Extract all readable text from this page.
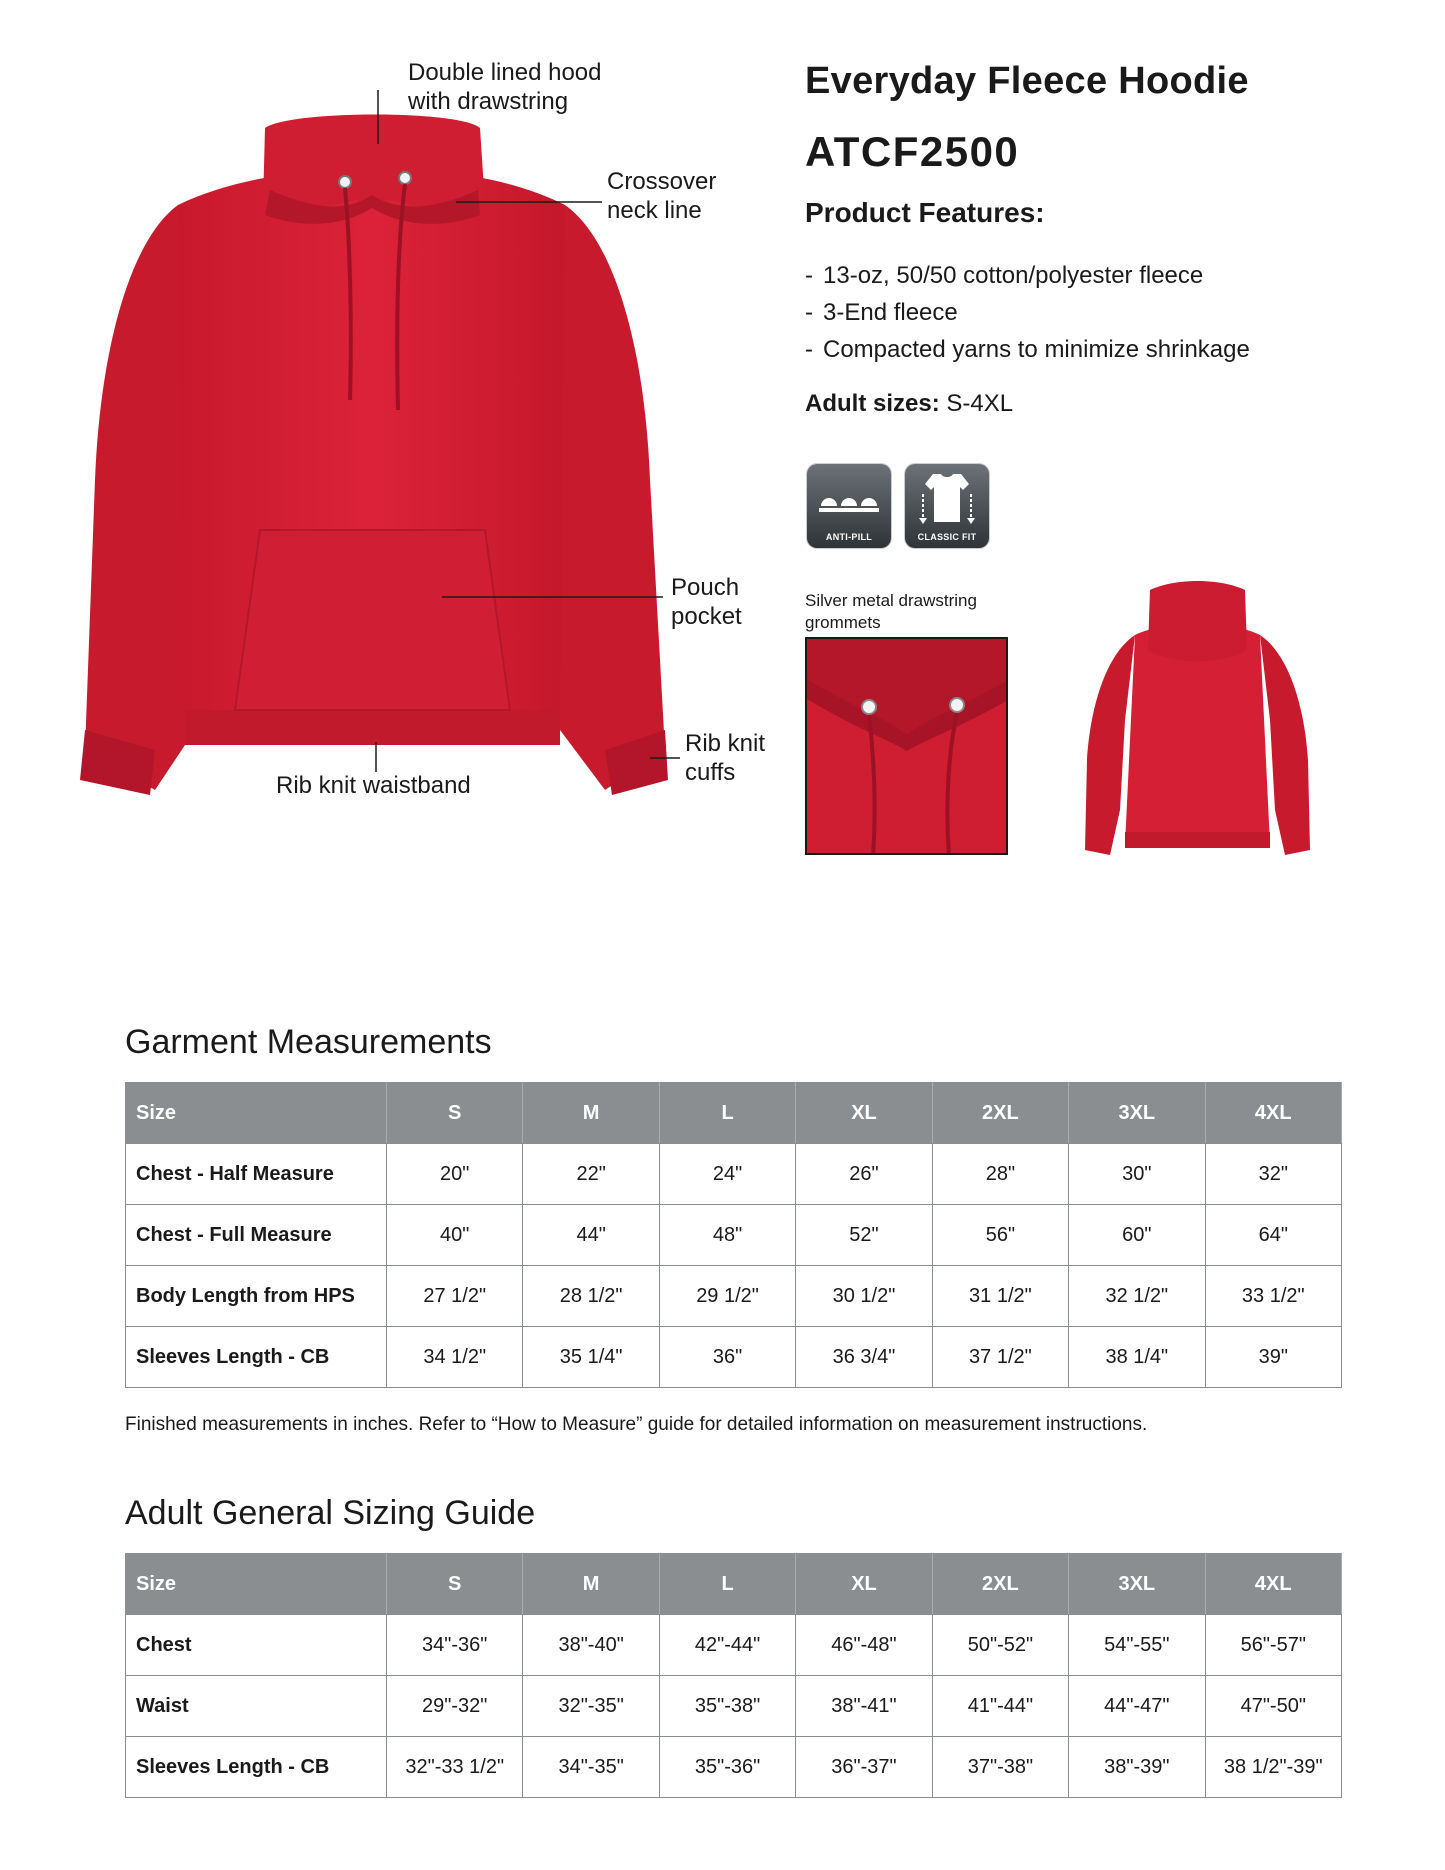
Double lined hood
with drawstring
Crossover
neck line
Pouch
pocket
Rib knit
cuffs
Rib knit waistband
Everyday Fleece Hoodie
ATCF2500
Product Features:
- 13-oz, 50/50 cotton/polyester fleece
- 3-End fleece
- Compacted yarns to minimize shrinkage
Adult sizes: S-4XL
ANTI-PILL	CLASSIC FIT
Silver metal drawstring
grommets
Garment Measurements
Size	S	M	L	XL	2XL	3XL	4XL
Chest - Half Measure	20"	22"	24"	26"	28"	30"	32"
Chest - Full Measure	40"	44"	48"	52"	56"	60"	64"
Body Length from HPS	27 1/2"	28 1/2"	29 1/2"	30 1/2"	31 1/2"	32 1/2"	33 1/2"
Sleeves Length - CB	34 1/2"	35 1/4"	36"	36 3/4"	37 1/2"	38 1/4"	39"
Finished measurements in inches. Refer to “How to Measure” guide for detailed information on measurement instructions.
Adult General Sizing Guide
Size	S	M	L	XL	2XL	3XL	4XL
Chest	34"-36"	38"-40"	42"-44"	46"-48"	50"-52"	54"-55"	56"-57"
Waist	29"-32"	32"-35"	35"-38"	38"-41"	41"-44"	44"-47"	47"-50"
Sleeves Length - CB	32"-33 1/2"	34"-35"	35"-36"	36"-37"	37"-38"	38"-39"	38 1/2"-39"
